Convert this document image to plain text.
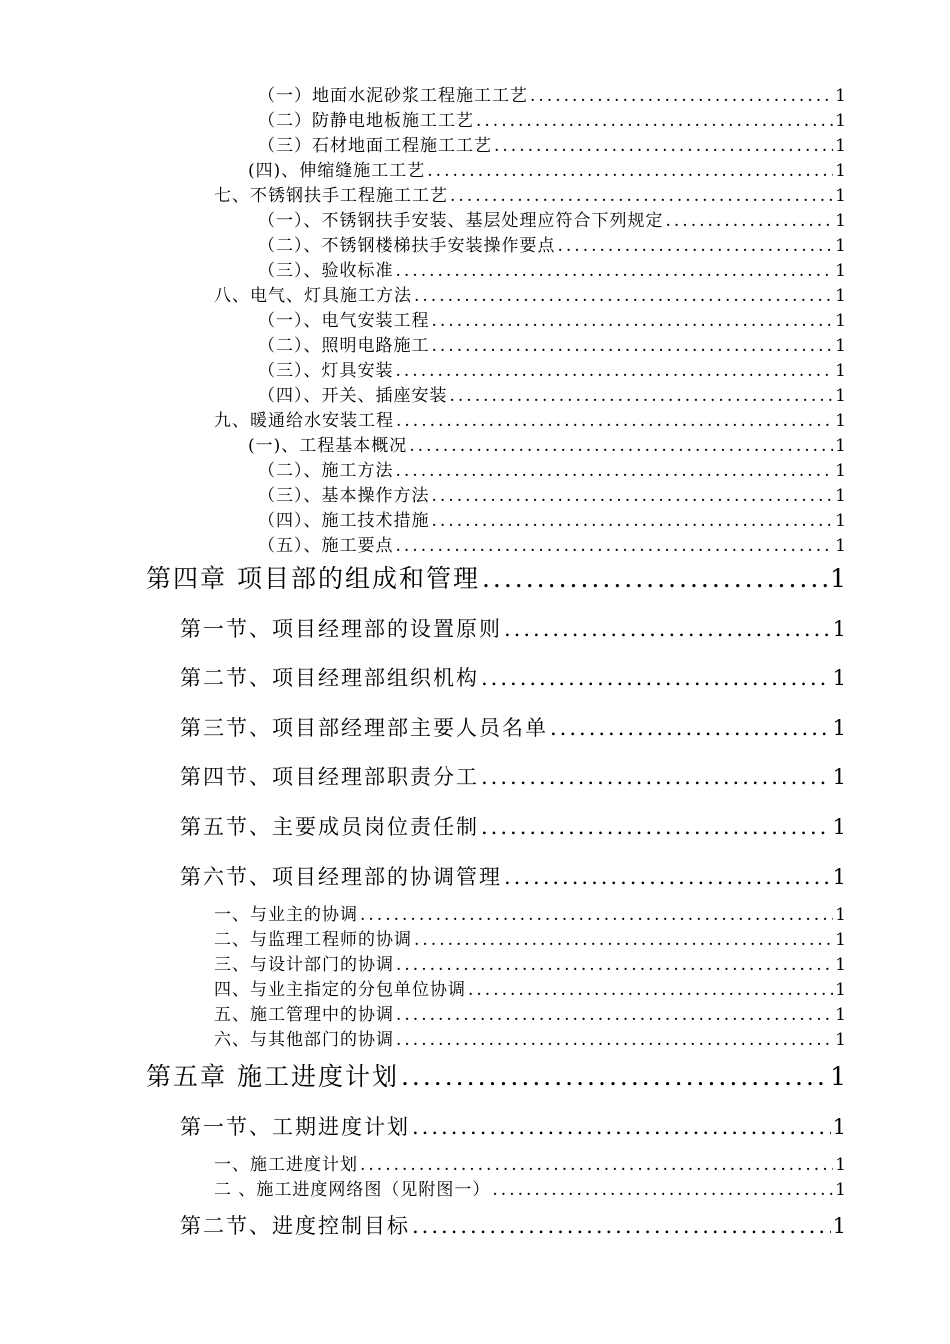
（一）地面水泥砂浆工程施工工艺 .....	1
（二）防静电地板施工工艺 .....	1
（三）石材地面工程施工工艺 .....	1
(四)、伸缩缝施工工艺 .....	1
七、不锈钢扶手工程施工工艺 .....	1
（一）、不锈钢扶手安装、基层处理应符合下列规定 .....	1
（二）、不锈钢楼梯扶手安装操作要点 .....	1
（三）、验收标准 .....	1
八、电气、灯具施工方法 .....	1
（一）、电气安装工程 .....	1
（二）、照明电路施工 .....	1
（三）、灯具安装 .....	1
（四）、开关、插座安装 .....	1
九、暖通给水安装工程 .....	1
(一)、工程基本概况 .....	1
（二）、施工方法 .....	1
（三）、基本操作方法 .....	1
（四）、施工技术措施 .....	1
（五）、施工要点 .....	1
第四章 项目部的组成和管理 .....	1
第一节、项目经理部的设置原则 .....	1
第二节、项目经理部组织机构 .....	1
第三节、项目部经理部主要人员名单 .....	1
第四节、项目经理部职责分工 .....	1
第五节、主要成员岗位责任制 .....	1
第六节、项目经理部的协调管理 .....	1
一、与业主的协调 .....	1
二、与监理工程师的协调 .....	1
三、与设计部门的协调 .....	1
四、与业主指定的分包单位协调 .....	1
五、施工管理中的协调 .....	1
六、与其他部门的协调 .....	1
第五章 施工进度计划 .....	1
第一节、工期进度计划 .....	1
一、施工进度计划 .....	1
二 、施工进度网络图（见附图一） .....	1
第二节、进度控制目标 .....	1
